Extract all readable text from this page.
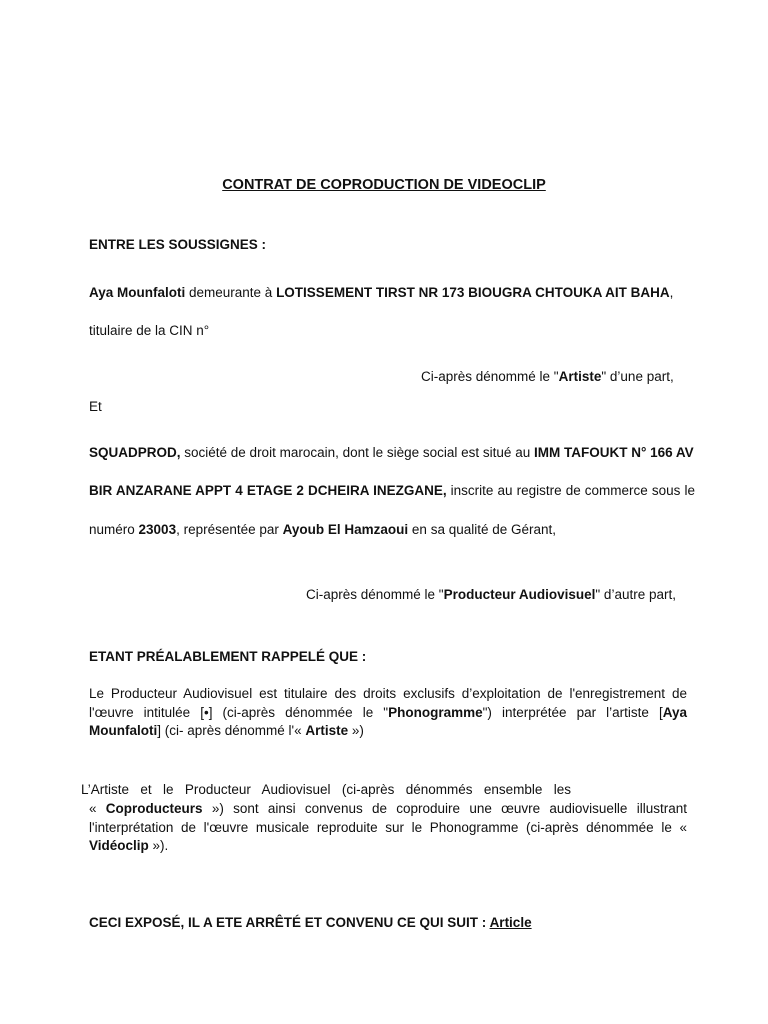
CONTRAT DE COPRODUCTION DE VIDEOCLIP
ENTRE LES SOUSSIGNES :
Aya Mounfaloti demeurante à LOTISSEMENT TIRST NR 173 BIOUGRA CHTOUKA AIT BAHA,
titulaire de la CIN n°
Ci-après dénommé le "Artiste" d’une part,
Et
SQUADPROD, société de droit marocain, dont le siège social est situé au IMM TAFOUKT N° 166 AV
BIR ANZARANE APPT 4 ETAGE 2 DCHEIRA INEZGANE, inscrite au registre de commerce sous le
numéro 23003, représentée par Ayoub El Hamzaoui en sa qualité de Gérant,
Ci-après dénommé le "Producteur Audiovisuel" d’autre part,
ETANT PRÉALABLEMENT RAPPELÉ QUE :
Le Producteur Audiovisuel est titulaire des droits exclusifs d’exploitation de l'enregistrement de l'œuvre intitulée [•] (ci-après dénommée le "Phonogramme") interprétée par l’artiste [Aya Mounfaloti] (ci- après dénommé l'« Artiste »)
L’Artiste et le Producteur Audiovisuel (ci-après dénommés ensemble les
« Coproducteurs ») sont ainsi convenus de coproduire une œuvre audiovisuelle illustrant l'interprétation de l'œuvre musicale reproduite sur le Phonogramme (ci-après dénommée le « Vidéoclip »).
CECI EXPOSÉ, IL A ETE ARRÊTÉ ET CONVENU CE QUI SUIT : Article
